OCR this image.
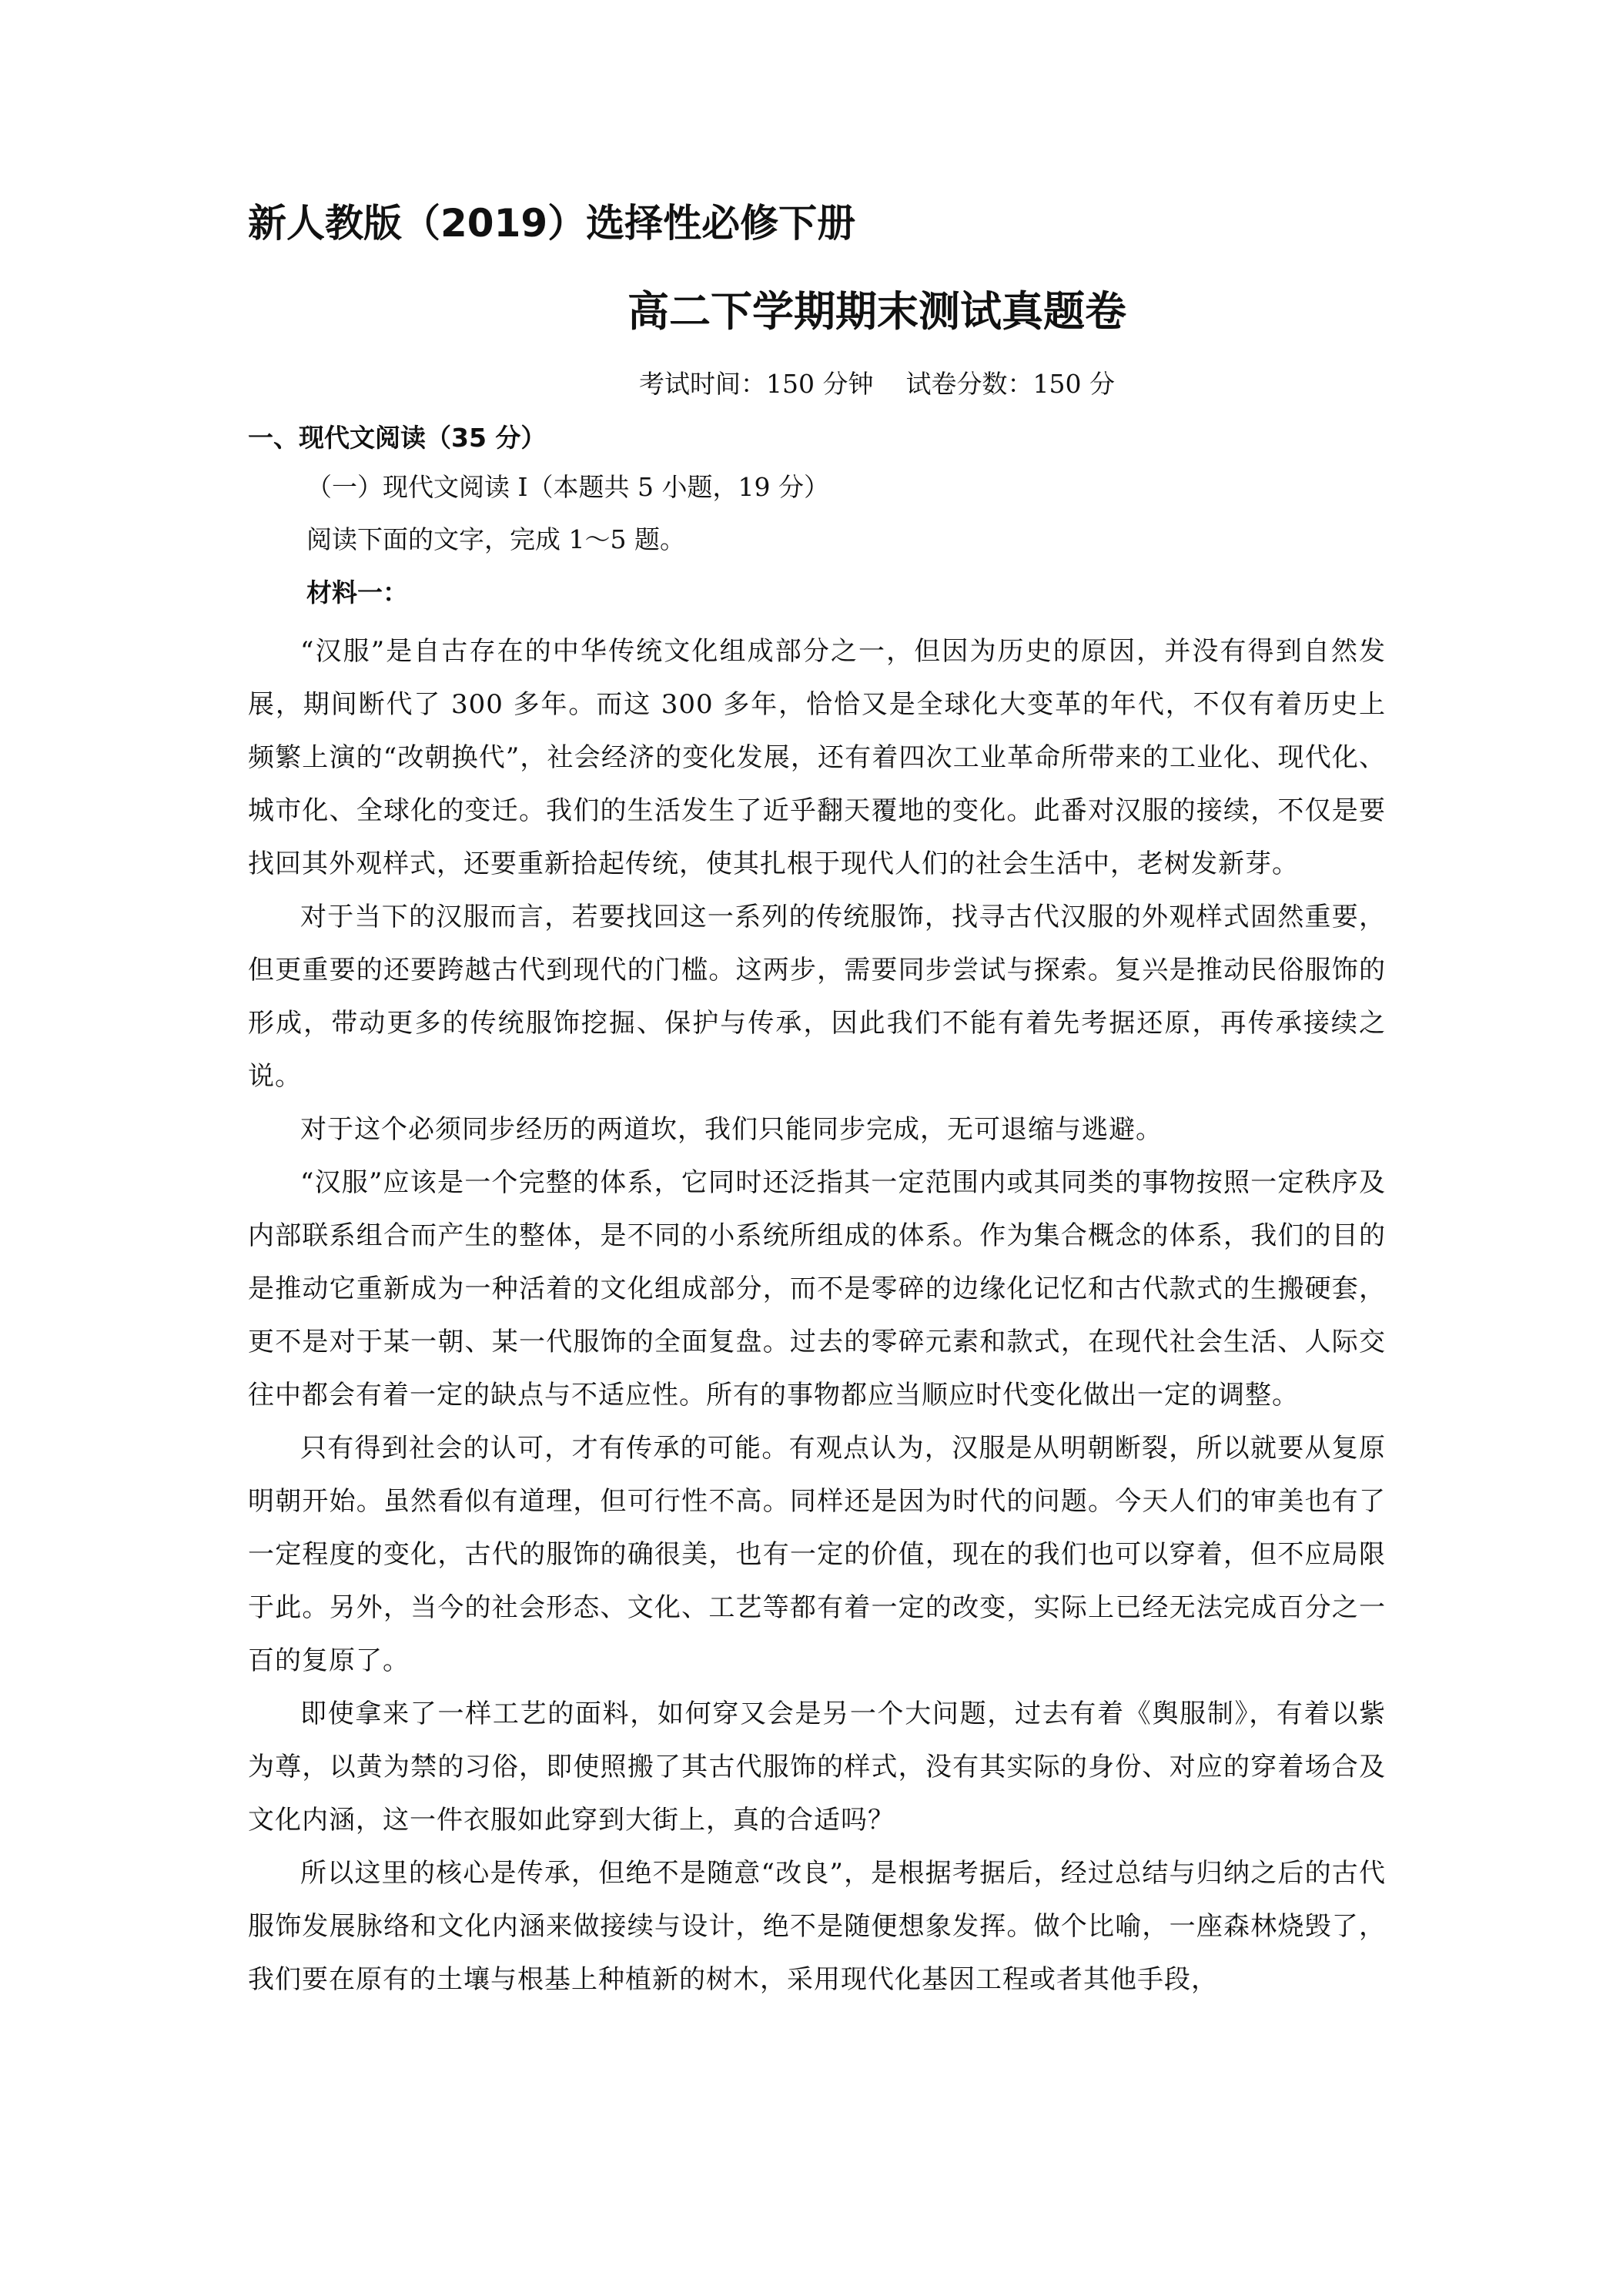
新人教版（2019）选择性必修下册
高二下学期期末测试真题卷
考试时间：150 分钟    试卷分数：150 分
一、现代文阅读（35 分）
（一）现代文阅读 I（本题共 5 小题，19 分）
阅读下面的文字，完成 1～5 题。
材料一：

“汉服”是自古存在的中华传统文化组成部分之一，但因为历史的原因，并没有得到自然发展，期间断代了 300 多年。而这 300 多年，恰恰又是全球化大变革的年代，不仅有着历史上频繁上演的“改朝换代”，社会经济的变化发展，还有着四次工业革命所带来的工业化、现代化、城市化、全球化的变迁。我们的生活发生了近乎翻天覆地的变化。此番对汉服的接续，不仅是要找回其外观样式，还要重新拾起传统，使其扎根于现代人们的社会生活中，老树发新芽。

对于当下的汉服而言，若要找回这一系列的传统服饰，找寻古代汉服的外观样式固然重要，但更重要的还要跨越古代到现代的门槛。这两步，需要同步尝试与探索。复兴是推动民俗服饰的形成，带动更多的传统服饰挖掘、保护与传承，因此我们不能有着先考据还原，再传承接续之说。

对于这个必须同步经历的两道坎，我们只能同步完成，无可退缩与逃避。

“汉服”应该是一个完整的体系，它同时还泛指其一定范围内或其同类的事物按照一定秩序及内部联系组合而产生的整体，是不同的小系统所组成的体系。作为集合概念的体系，我们的目的是推动它重新成为一种活着的文化组成部分，而不是零碎的边缘化记忆和古代款式的生搬硬套，更不是对于某一朝、某一代服饰的全面复盘。过去的零碎元素和款式，在现代社会生活、人际交往中都会有着一定的缺点与不适应性。所有的事物都应当顺应时代变化做出一定的调整。

只有得到社会的认可，才有传承的可能。有观点认为，汉服是从明朝断裂，所以就要从复原明朝开始。虽然看似有道理，但可行性不高。同样还是因为时代的问题。今天人们的审美也有了一定程度的变化，古代的服饰的确很美，也有一定的价值，现在的我们也可以穿着，但不应局限于此。另外，当今的社会形态、文化、工艺等都有着一定的改变，实际上已经无法完成百分之一百的复原了。

即使拿来了一样工艺的面料，如何穿又会是另一个大问题，过去有着《舆服制》，有着以紫为尊，以黄为禁的习俗，即使照搬了其古代服饰的样式，没有其实际的身份、对应的穿着场合及文化内涵，这一件衣服如此穿到大街上，真的合适吗？

所以这里的核心是传承，但绝不是随意“改良”，是根据考据后，经过总结与归纳之后的古代服饰发展脉络和文化内涵来做接续与设计，绝不是随便想象发挥。做个比喻，一座森林烧毁了，我们要在原有的土壤与根基上种植新的树木，采用现代化基因工程或者其他手段，
